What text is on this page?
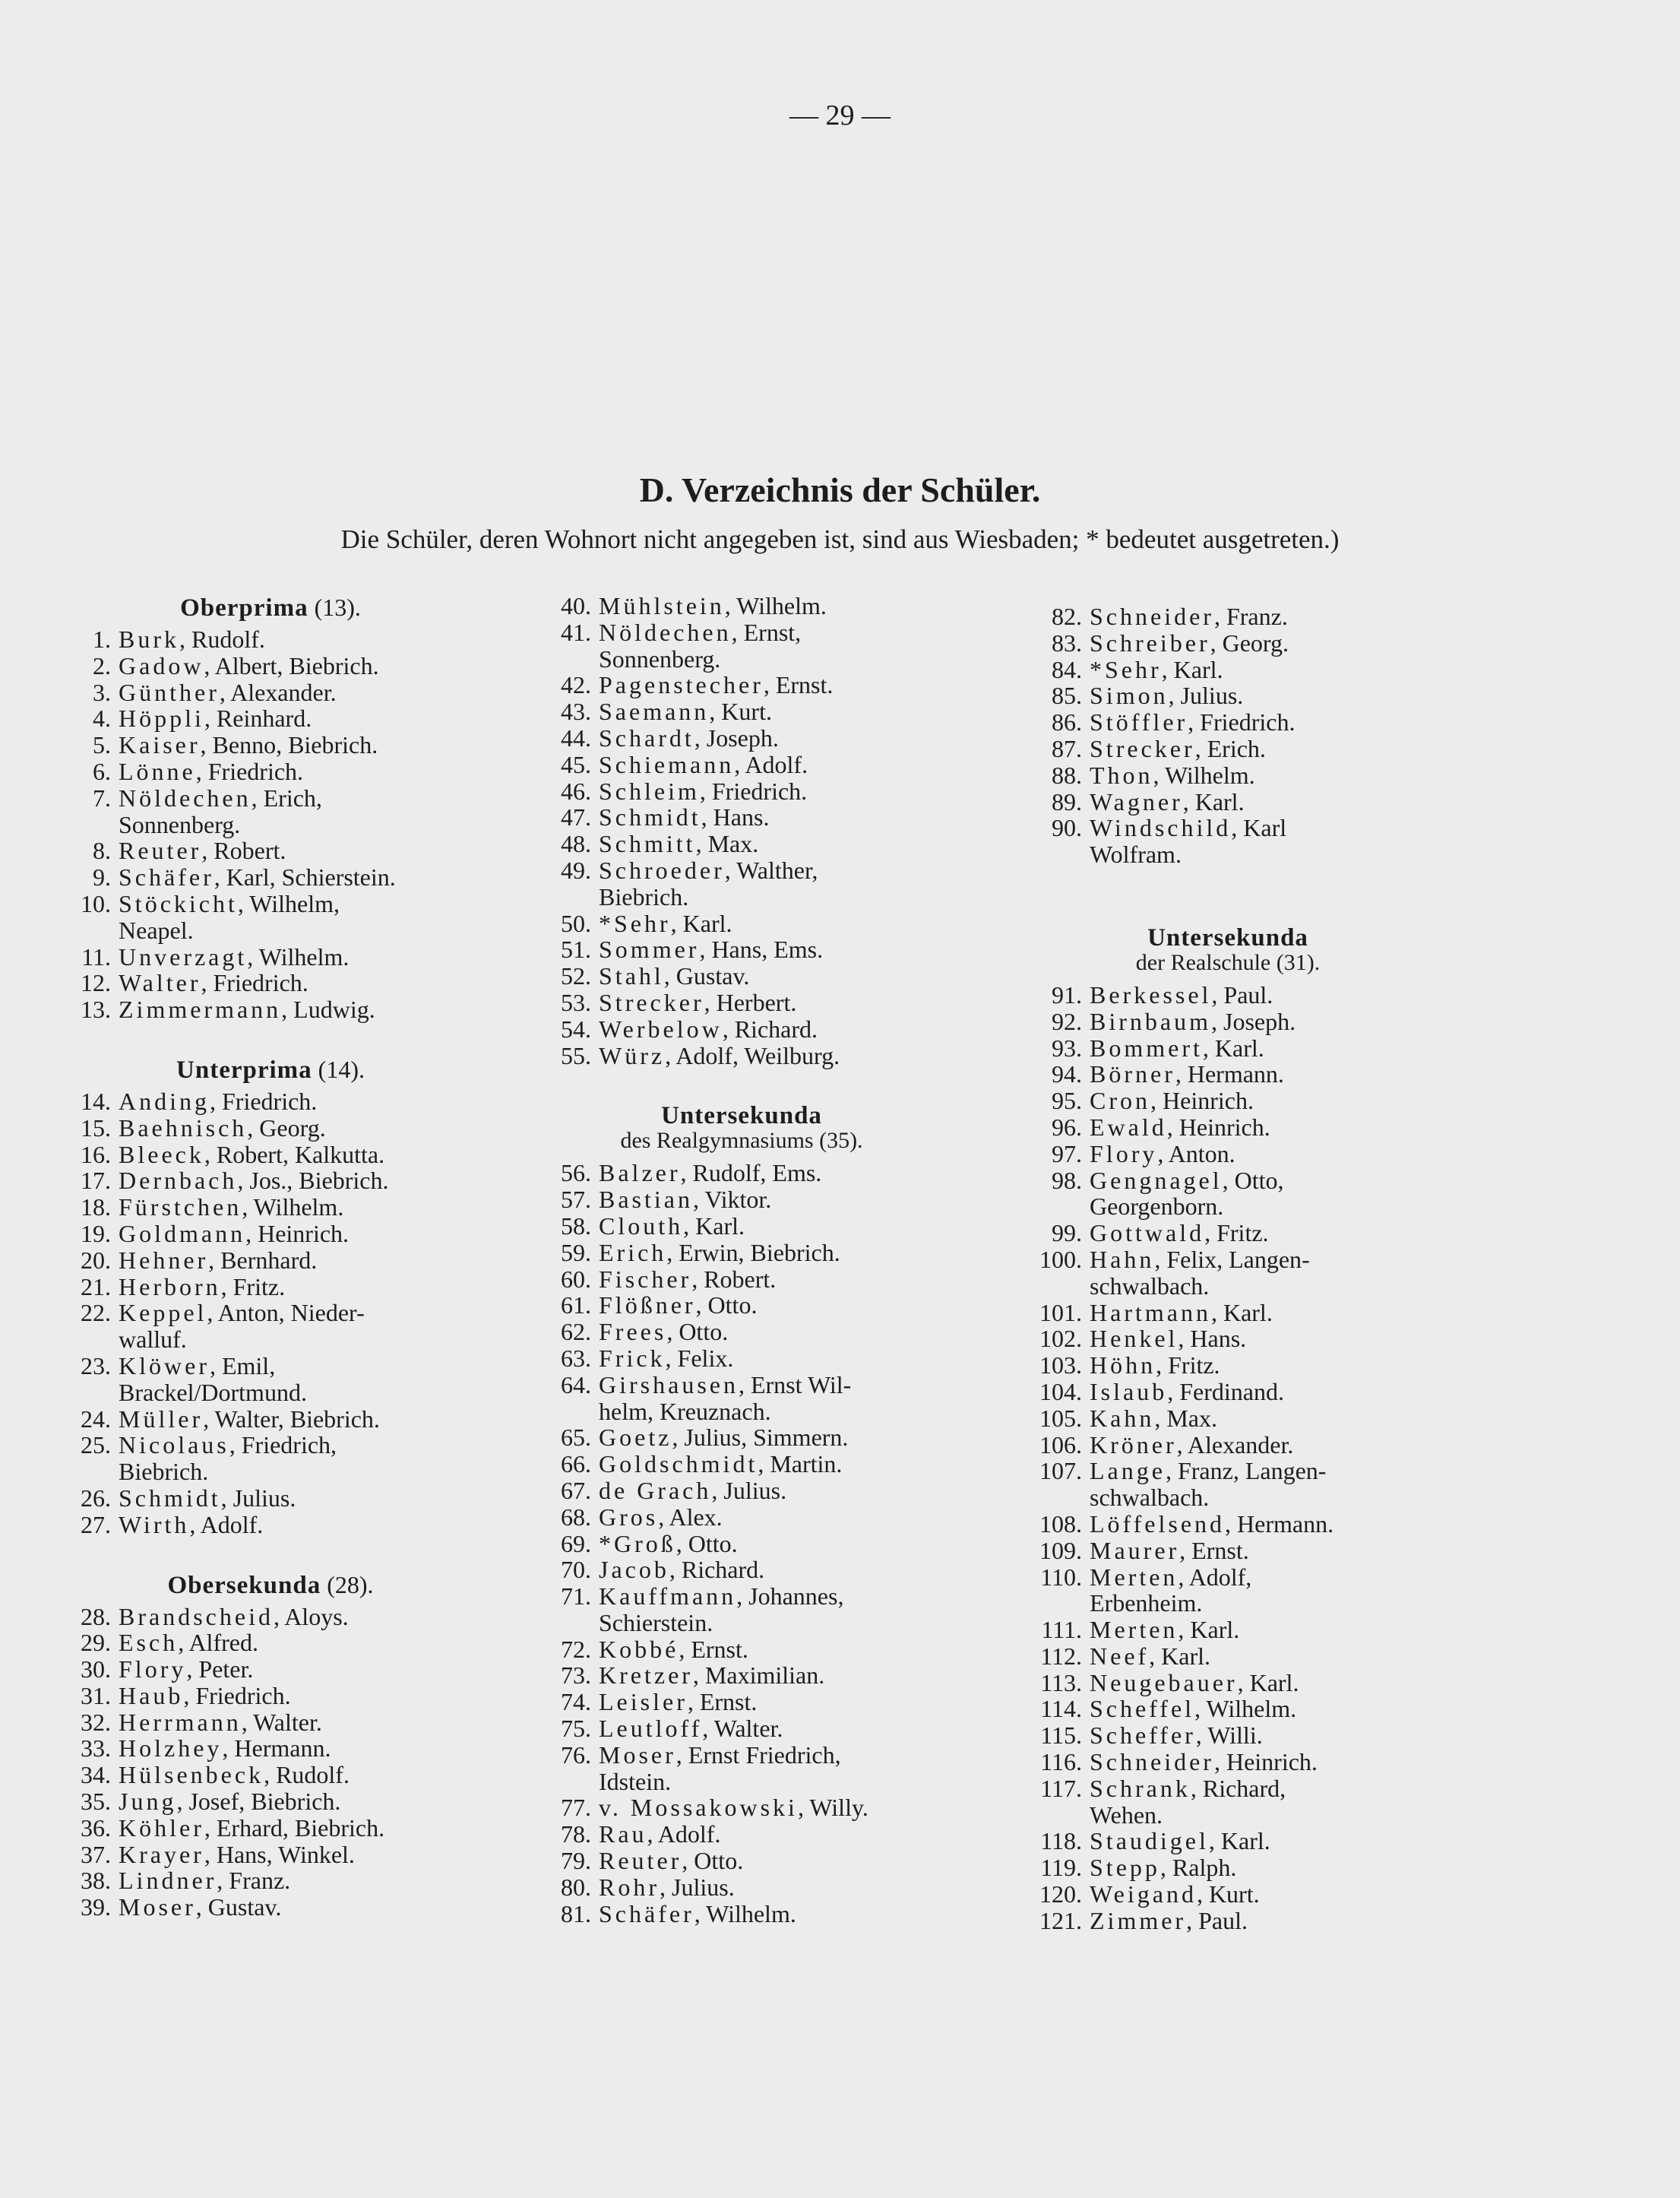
— 29 —
D. Verzeichnis der Schüler.
Die Schüler, deren Wohnort nicht angegeben ist, sind aus Wiesbaden; * bedeutet ausgetreten.)
Oberprima (13).
1. Burk, Rudolf.
2. Gadow, Albert, Biebrich.
3. Günther, Alexander.
4. Höppli, Reinhard.
5. Kaiser, Benno, Biebrich.
6. Lönne, Friedrich.
7. Nöldechen, Erich,
Sonnenberg.
8. Reuter, Robert.
9. Schäfer, Karl, Schierstein.
10. Stöckicht, Wilhelm,
Neapel.
11. Unverzagt, Wilhelm.
12. Walter, Friedrich.
13. Zimmermann, Ludwig.
Unterprima (14).
14. Anding, Friedrich.
15. Baehnisch, Georg.
16. Bleeck, Robert, Kalkutta.
17. Dernbach, Jos., Biebrich.
18. Fürstchen, Wilhelm.
19. Goldmann, Heinrich.
20. Hehner, Bernhard.
21. Herborn, Fritz.
22. Keppel, Anton, Nieder-
walluf.
23. Klöwer, Emil,
Brackel/Dortmund.
24. Müller, Walter, Biebrich.
25. Nicolaus, Friedrich,
Biebrich.
26. Schmidt, Julius.
27. Wirth, Adolf.
Obersekunda (28).
28. Brandscheid, Aloys.
29. Esch, Alfred.
30. Flory, Peter.
31. Haub, Friedrich.
32. Herrmann, Walter.
33. Holzhey, Hermann.
34. Hülsenbeck, Rudolf.
35. Jung, Josef, Biebrich.
36. Köhler, Erhard, Biebrich.
37. Krayer, Hans, Winkel.
38. Lindner, Franz.
39. Moser, Gustav.
40. Mühlstein, Wilhelm.
41. Nöldechen, Ernst,
Sonnenberg.
42. Pagenstecher, Ernst.
43. Saemann, Kurt.
44. Schardt, Joseph.
45. Schiemann, Adolf.
46. Schleim, Friedrich.
47. Schmidt, Hans.
48. Schmitt, Max.
49. Schroeder, Walther,
Biebrich.
50. *Sehr, Karl.
51. Sommer, Hans, Ems.
52. Stahl, Gustav.
53. Strecker, Herbert.
54. Werbelow, Richard.
55. Würz, Adolf, Weilburg.
Untersekunda
des Realgymnasiums (35).
56. Balzer, Rudolf, Ems.
57. Bastian, Viktor.
58. Clouth, Karl.
59. Erich, Erwin, Biebrich.
60. Fischer, Robert.
61. Flößner, Otto.
62. Frees, Otto.
63. Frick, Felix.
64. Girshausen, Ernst Wil-
helm, Kreuznach.
65. Goetz, Julius, Simmern.
66. Goldschmidt, Martin.
67. de Grach, Julius.
68. Gros, Alex.
69. *Groß, Otto.
70. Jacob, Richard.
71. Kauffmann, Johannes,
Schierstein.
72. Kobbé, Ernst.
73. Kretzer, Maximilian.
74. Leisler, Ernst.
75. Leutloff, Walter.
76. Moser, Ernst Friedrich,
Idstein.
77. v. Mossakowski, Willy.
78. Rau, Adolf.
79. Reuter, Otto.
80. Rohr, Julius.
81. Schäfer, Wilhelm.
82. Schneider, Franz.
83. Schreiber, Georg.
84. *Sehr, Karl.
85. Simon, Julius.
86. Stöffler, Friedrich.
87. Strecker, Erich.
88. Thon, Wilhelm.
89. Wagner, Karl.
90. Windschild, Karl
Wolfram.
Untersekunda
der Realschule (31).
91. Berkessel, Paul.
92. Birnbaum, Joseph.
93. Bommert, Karl.
94. Börner, Hermann.
95. Cron, Heinrich.
96. Ewald, Heinrich.
97. Flory, Anton.
98. Gengnagel, Otto,
Georgenborn.
99. Gottwald, Fritz.
100. Hahn, Felix, Langen-
schwalbach.
101. Hartmann, Karl.
102. Henkel, Hans.
103. Höhn, Fritz.
104. Islaub, Ferdinand.
105. Kahn, Max.
106. Kröner, Alexander.
107. Lange, Franz, Langen-
schwalbach.
108. Löffelsend, Hermann.
109. Maurer, Ernst.
110. Merten, Adolf,
Erbenheim.
111. Merten, Karl.
112. Neef, Karl.
113. Neugebauer, Karl.
114. Scheffel, Wilhelm.
115. Scheffer, Willi.
116. Schneider, Heinrich.
117. Schrank, Richard,
Wehen.
118. Staudigel, Karl.
119. Stepp, Ralph.
120. Weigand, Kurt.
121. Zimmer, Paul.
